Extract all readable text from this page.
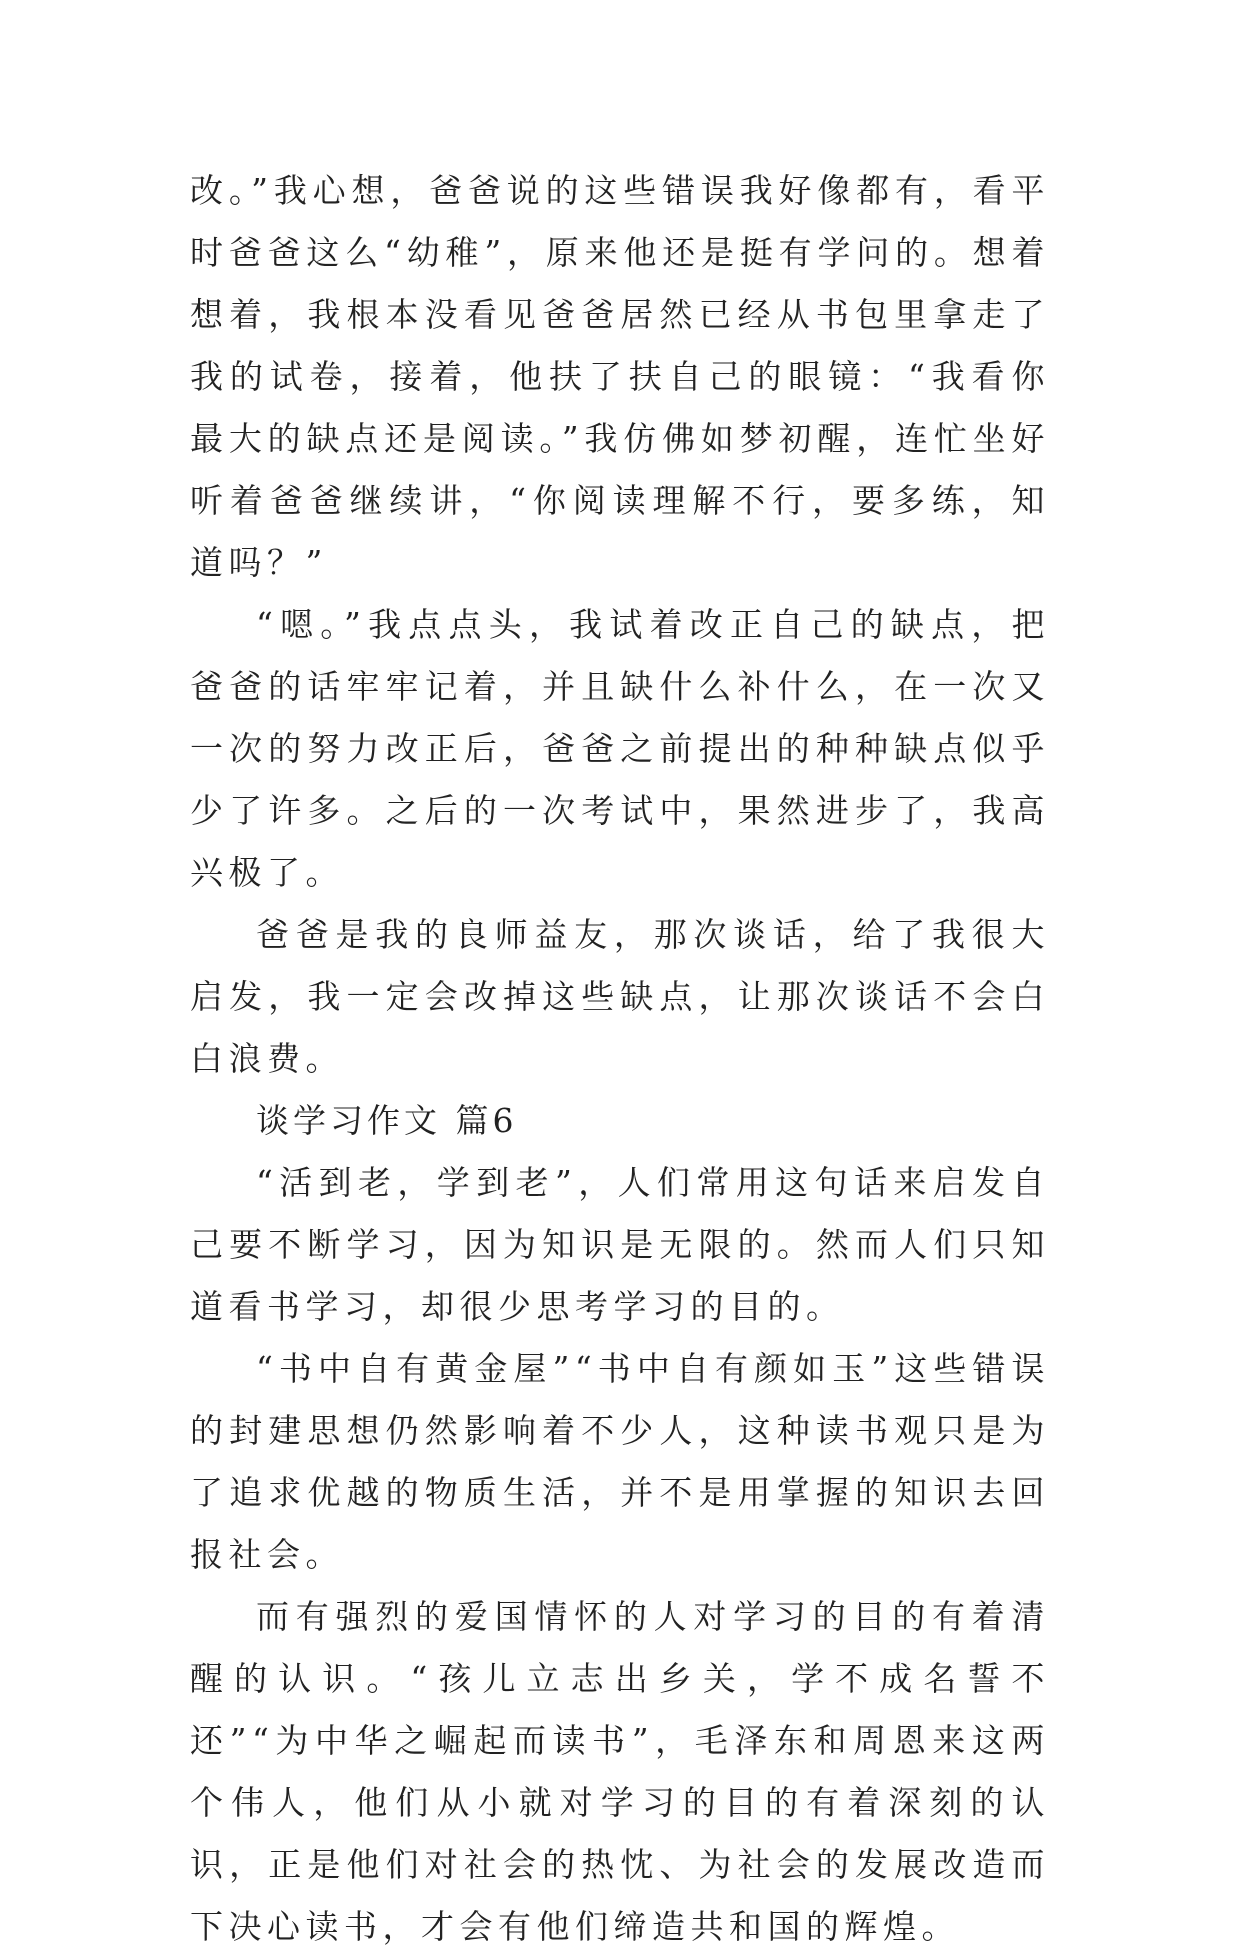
改。”我心想，爸爸说的这些错误我好像都有，看平时爸爸这么“幼稚”，原来他还是挺有学问的。想着想着，我根本没看见爸爸居然已经从书包里拿走了我的试卷，接着，他扶了扶自己的眼镜：“我看你最大的缺点还是阅读。”我仿佛如梦初醒，连忙坐好听着爸爸继续讲，“你阅读理解不行，要多练，知道吗？”

“嗯。”我点点头，我试着改正自己的缺点，把爸爸的话牢牢记着，并且缺什么补什么，在一次又一次的努力改正后，爸爸之前提出的种种缺点似乎少了许多。之后的一次考试中，果然进步了，我高兴极了。

爸爸是我的良师益友，那次谈话，给了我很大启发，我一定会改掉这些缺点，让那次谈话不会白白浪费。

谈学习作文 篇6

“活到老，学到老”，人们常用这句话来启发自己要不断学习，因为知识是无限的。然而人们只知道看书学习，却很少思考学习的目的。

“书中自有黄金屋”“书中自有颜如玉”这些错误的封建思想仍然影响着不少人，这种读书观只是为了追求优越的物质生活，并不是用掌握的知识去回报社会。

而有强烈的爱国情怀的人对学习的目的有着清醒的认识。“孩儿立志出乡关，学不成名誓不还”“为中华之崛起而读书”，毛泽东和周恩来这两个伟人，他们从小就对学习的目的有着深刻的认识，正是他们对社会的热忱、为社会的发展改造而下决心读书，才会有他们缔造共和国的辉煌。
